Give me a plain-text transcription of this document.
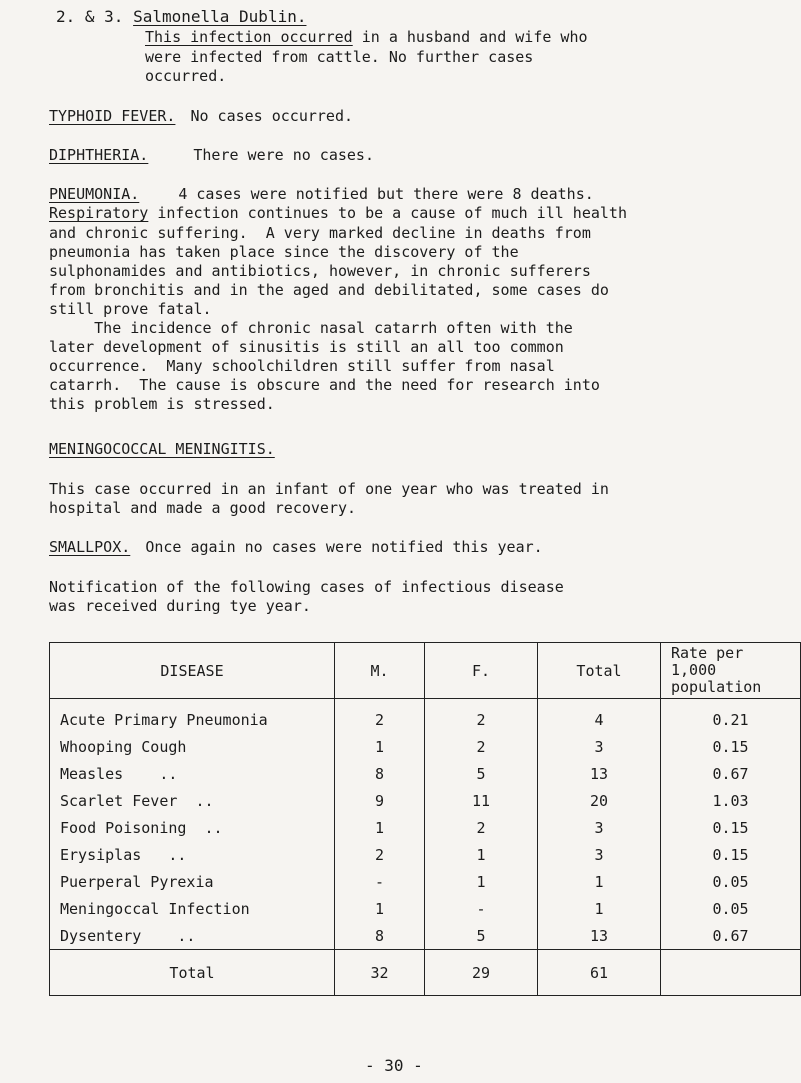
2. & 3. Salmonella Dublin.
This infection occurred in a husband and wife who
were infected from cattle. No further cases
occurred.
TYPHOID FEVER. No cases occurred.
DIPHTHERIA.	There were no cases.
PNEUMONIA.	4 cases were notified but there were 8 deaths.
Respiratory infection continues to be a cause of much ill health

and chronic suffering.  A very marked decline in deaths from
pneumonia has taken place since the discovery of the
sulphonamides and antibiotics, however, in chronic sufferers
from bronchitis and in the aged and debilitated, some cases do
still prove fatal.
The incidence of chronic nasal catarrh often with the
later development of sinusitis is still an all too common
occurrence.  Many schoolchildren still suffer from nasal
catarrh.  The cause is obscure and the need for research into
this problem is stressed.

MENINGOCOCCAL MENINGITIS.

This case occurred in an infant of one year who was treated in
hospital and made a good recovery.

SMALLPOX. Once again no cases were notified this year.

Notification of the following cases of infectious disease
was received during tye year.

DISEASE	M.	F.	Total	Rate per
1,000
population

Acute Primary Pneumonia	2	2	4	0.21
Whooping Cough	1	2	3	0.15
Measles    ..	8	5	13	0.67
Scarlet Fever  ..	9	11	20	1.03
Food Poisoning  ..	1	2	3	0.15
Erysiplas   ..	2	1	3	0.15
Puerperal Pyrexia	-	1	1	0.05
Meningoccal Infection	1	-	1	0.05
Dysentery    ..	8	5	13	0.67
Total	32	29	61	
- 30 -
